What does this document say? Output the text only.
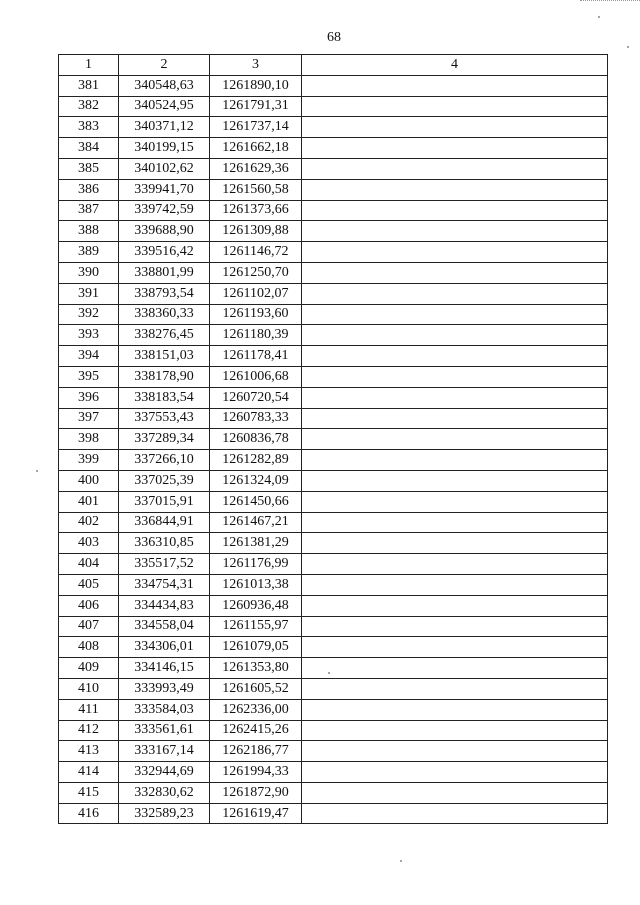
68
1	2	3	4
381	340548,63	1261890,10	
382	340524,95	1261791,31	
383	340371,12	1261737,14	
384	340199,15	1261662,18	
385	340102,62	1261629,36	
386	339941,70	1261560,58	
387	339742,59	1261373,66	
388	339688,90	1261309,88	
389	339516,42	1261146,72	
390	338801,99	1261250,70	
391	338793,54	1261102,07	
392	338360,33	1261193,60	
393	338276,45	1261180,39	
394	338151,03	1261178,41	
395	338178,90	1261006,68	
396	338183,54	1260720,54	
397	337553,43	1260783,33	
398	337289,34	1260836,78	
399	337266,10	1261282,89	
400	337025,39	1261324,09	
401	337015,91	1261450,66	
402	336844,91	1261467,21	
403	336310,85	1261381,29	
404	335517,52	1261176,99	
405	334754,31	1261013,38	
406	334434,83	1260936,48	
407	334558,04	1261155,97	
408	334306,01	1261079,05	
409	334146,15	1261353,80	
410	333993,49	1261605,52	
411	333584,03	1262336,00	
412	333561,61	1262415,26	
413	333167,14	1262186,77	
414	332944,69	1261994,33	
415	332830,62	1261872,90	
416	332589,23	1261619,47	
